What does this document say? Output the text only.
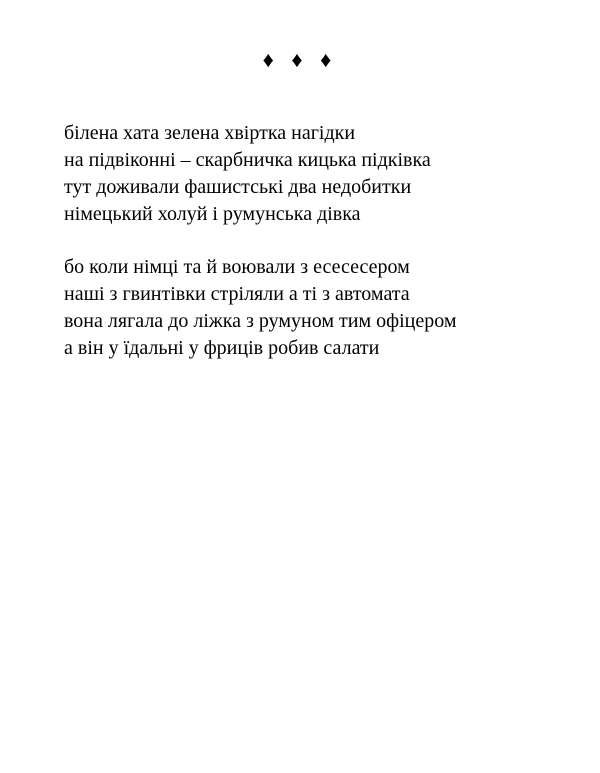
♦ ♦ ♦
білена хата зелена хвіртка нагідки
на підвіконні – скарбничка кицька підківка
тут доживали фашистські два недобитки
німецький холуй і румунська дівка
бо коли німці та й воювали з есесесером
наші з гвинтівки стріляли а ті з автомата
вона лягала до ліжка з румуном тим офіцером
а він у їдальні у фриців робив салати
